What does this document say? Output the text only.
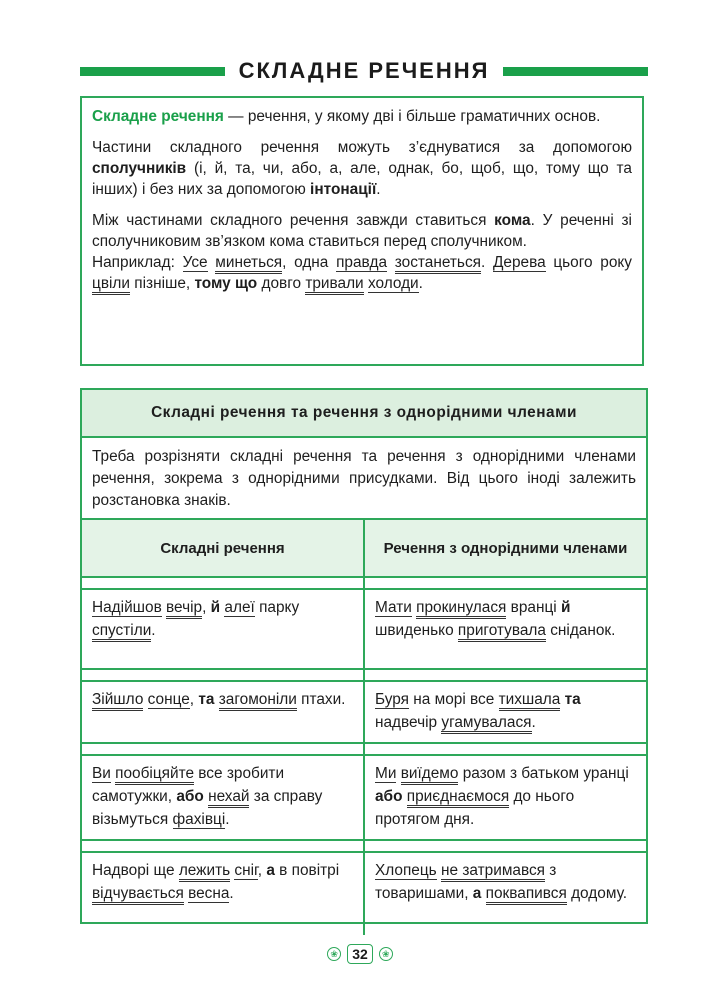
СКЛАДНЕ РЕЧЕННЯ

Складне речення — речення, у якому дві і більше граматичних основ.

Частини складного речення можуть з’єднуватися за допомогою сполучників (і, й, та, чи, або, а, але, однак, бо, щоб, що, тому що та інших) і без них за допомогою інтонації.

Між частинами складного речення завжди ставиться кома. У реченні зі сполучниковим зв’язком кома ставиться перед сполучником.

Наприклад: Усе минеться, одна правда зостанеться. Дерева цього року цвіли пізніше, тому що довго тривали холоди.

Складні речення та речення з однорідними членами
Треба розрізняти складні речення та речення з однорідними членами речення, зокрема з однорідними присудками. Від цього іноді залежить розстановка знаків.
Складні речення	Речення з однорідними членами

Надійшов вечір, й алеї парку спустіли.	Мати прокинулася вранці й швиденько приготувала сніданок.

Зійшло сонце, та загомоніли птахи.	Буря на морі все тихшала та надвечір угамувалася.

Ви пообіцяйте все зробити самотужки, або нехай за справу візьмуться фахівці.	Ми виїдемо разом з батьком уранці або приєднаємося до нього протягом дня.

Надворі ще лежить сніг, а в повітрі відчувається весна.	Хлопець не затримався з товаришами, а поквапився додому.
❀	32	❀
